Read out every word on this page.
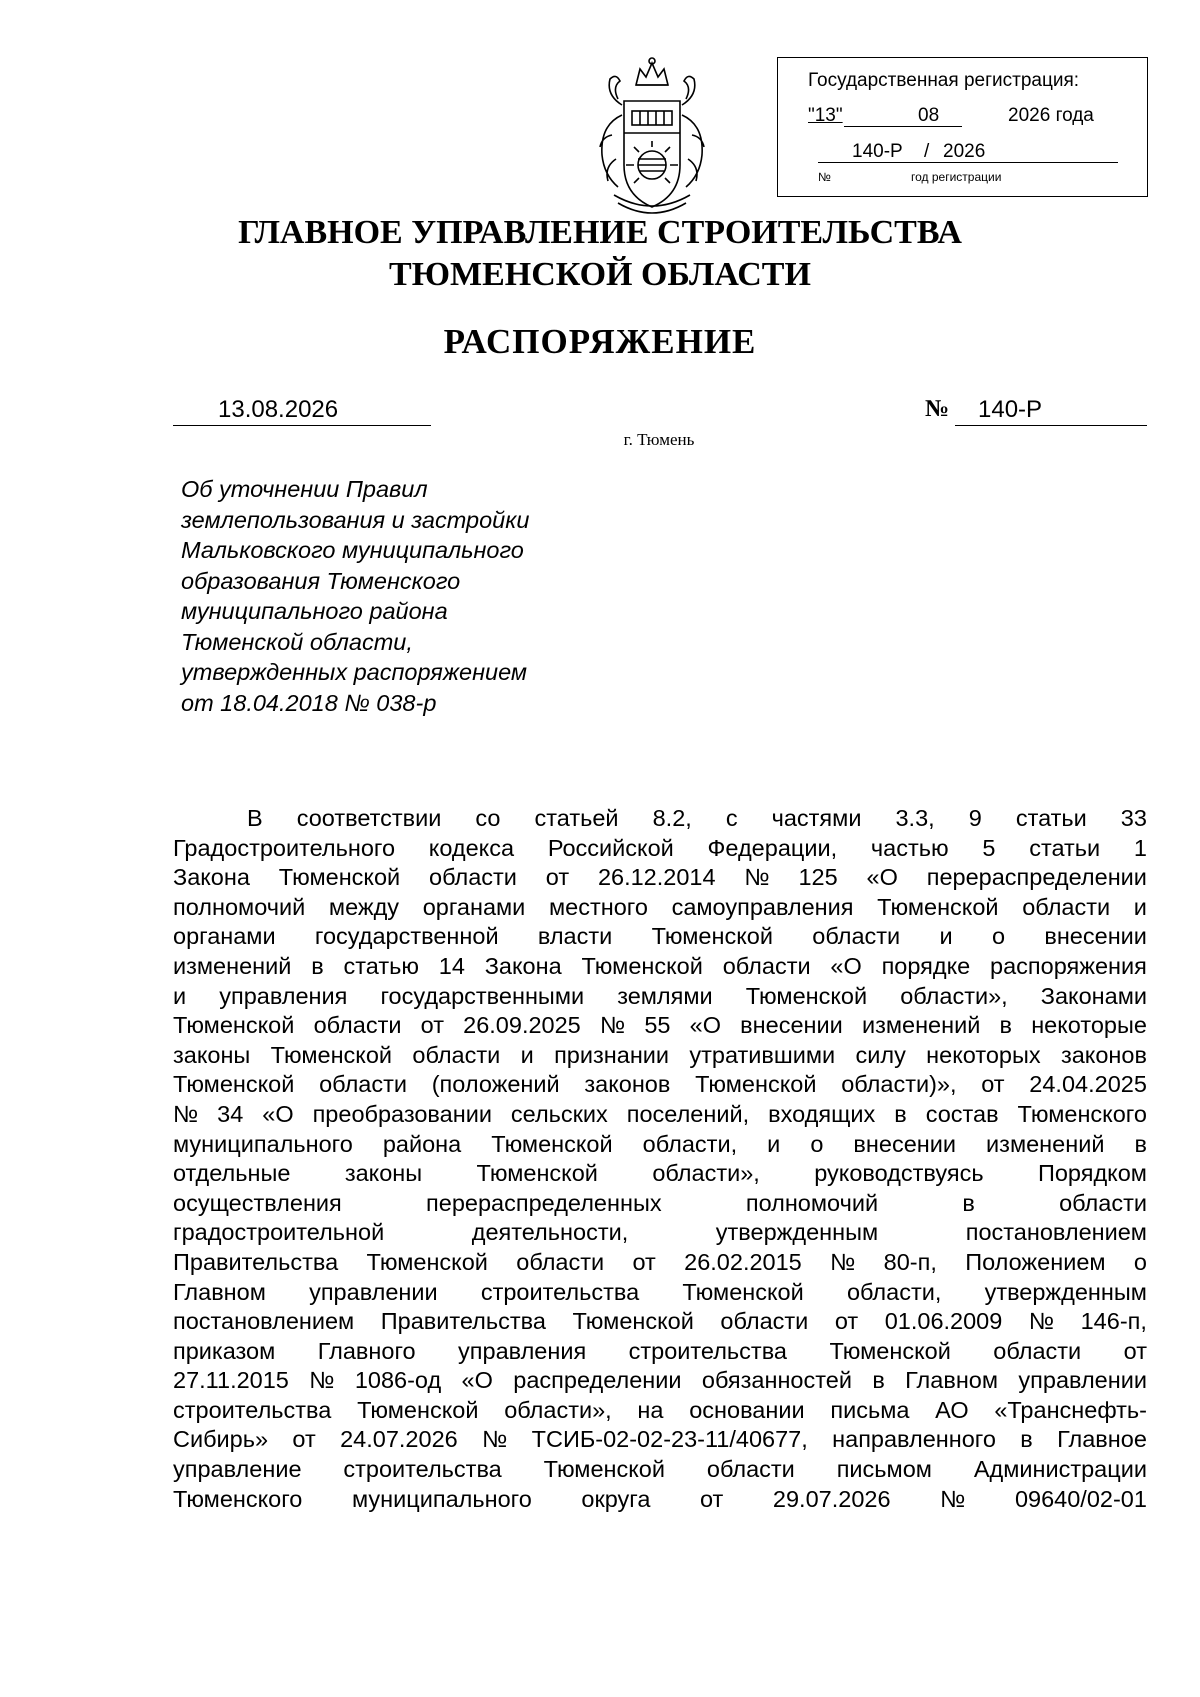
Государственная регистрация:
"13"	08	2026 года
140-Р / 2026
№	год регистрации
ГЛАВНОЕ УПРАВЛЕНИЕ СТРОИТЕЛЬСТВА
ТЮМЕНСКОЙ ОБЛАСТИ
РАСПОРЯЖЕНИЕ
13.08.2026	№ 140-Р
г. Тюмень
Об уточнении Правил
землепользования и застройки
Мальковского муниципального
образования Тюменского
муниципального района
Тюменской области,
утвержденных распоряжением
от 18.04.2018 № 038-р
В соответствии со статьей 8.2, с частями 3.3, 9 статьи 33
Градостроительного кодекса Российской Федерации, частью 5 статьи 1
Закона Тюменской области от 26.12.2014 № 125 «О перераспределении
полномочий между органами местного самоуправления Тюменской области и
органами государственной власти Тюменской области и о внесении
изменений в статью 14 Закона Тюменской области «О порядке распоряжения
и управления государственными землями Тюменской области», Законами
Тюменской области от 26.09.2025 № 55 «О внесении изменений в некоторые
законы Тюменской области и признании утратившими силу некоторых законов
Тюменской области (положений законов Тюменской области)», от 24.04.2025
№ 34 «О преобразовании сельских поселений, входящих в состав Тюменского
муниципального района Тюменской области, и о внесении изменений в
отдельные законы Тюменской области», руководствуясь Порядком
осуществления	перераспределенных	полномочий	в	области
градостроительной	деятельности,	утвержденным	постановлением
Правительства Тюменской области от 26.02.2015 № 80-п, Положением о
Главном управлении строительства Тюменской области, утвержденным
постановлением Правительства Тюменской области от 01.06.2009 № 146-п,
приказом Главного управления строительства Тюменской области от
27.11.2015 № 1086-од «О распределении обязанностей в Главном управлении
строительства Тюменской области», на основании письма АО «Транснефть-
Сибирь» от 24.07.2026 № ТСИБ-02-02-23-11/40677, направленного в Главное
управление строительства Тюменской области письмом Администрации
Тюменского муниципального округа от 29.07.2026 № 09640/02-01
